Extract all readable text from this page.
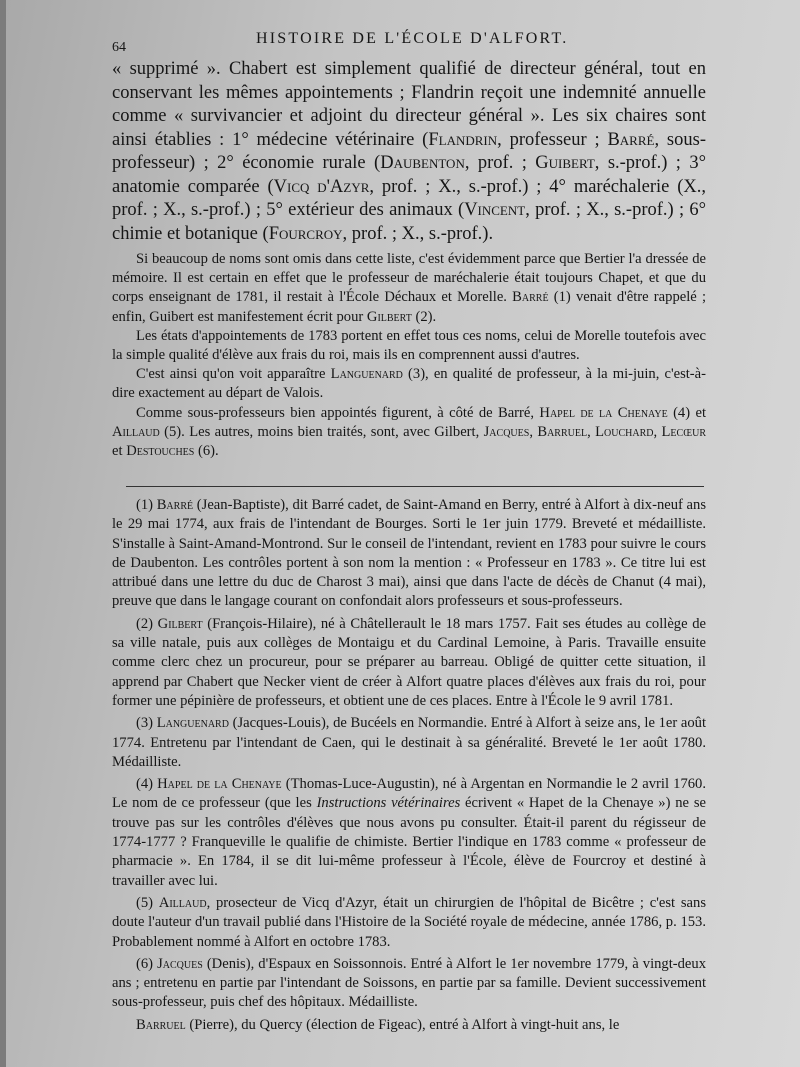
64
HISTOIRE DE L'ÉCOLE D'ALFORT.

« supprimé ». Chabert est simplement qualifié de directeur général, tout en conservant les mêmes appointements ; Flandrin reçoit une indemnité annuelle comme « survivancier et adjoint du directeur général ». Les six chaires sont ainsi établies : 1° médecine vétérinaire (Flandrin, professeur ; Barré, sous-professeur) ; 2° économie rurale (Daubenton, prof. ; Guibert, s.-prof.) ; 3° anatomie comparée (Vicq d'Azyr, prof. ; X., s.-prof.) ; 4° maréchalerie (X., prof. ; X., s.-prof.) ; 5° extérieur des animaux (Vincent, prof. ; X., s.-prof.) ; 6° chimie et botanique (Fourcroy, prof. ; X., s.-prof.).

Si beaucoup de noms sont omis dans cette liste, c'est évidemment parce que Bertier l'a dressée de mémoire. Il est certain en effet que le professeur de maréchalerie était toujours Chapet, et que du corps enseignant de 1781, il restait à l'École Déchaux et Morelle. Barré (1) venait d'être rappelé ; enfin, Guibert est manifestement écrit pour Gilbert (2).

Les états d'appointements de 1783 portent en effet tous ces noms, celui de Morelle toutefois avec la simple qualité d'élève aux frais du roi, mais ils en comprennent aussi d'autres.

C'est ainsi qu'on voit apparaître Languenard (3), en qualité de professeur, à la mi-juin, c'est-à-dire exactement au départ de Valois.

Comme sous-professeurs bien appointés figurent, à côté de Barré, Hapel de la Chenaye (4) et Aillaud (5). Les autres, moins bien traités, sont, avec Gilbert, Jacques, Barruel, Louchard, Lecœur et Destouches (6).

(1) Barré (Jean-Baptiste), dit Barré cadet, de Saint-Amand en Berry, entré à Alfort à dix-neuf ans le 29 mai 1774, aux frais de l'intendant de Bourges. Sorti le 1er juin 1779. Breveté et médailliste. S'installe à Saint-Amand-Montrond. Sur le conseil de l'intendant, revient en 1783 pour suivre le cours de Daubenton. Les contrôles portent à son nom la mention : « Professeur en 1783 ». Ce titre lui est attribué dans une lettre du duc de Charost 3 mai), ainsi que dans l'acte de décès de Chanut (4 mai), preuve que dans le langage courant on confondait alors professeurs et sous-professeurs.

(2) Gilbert (François-Hilaire), né à Châtellerault le 18 mars 1757. Fait ses études au collège de sa ville natale, puis aux collèges de Montaigu et du Cardinal Lemoine, à Paris. Travaille ensuite comme clerc chez un procureur, pour se préparer au barreau. Obligé de quitter cette situation, il apprend par Chabert que Necker vient de créer à Alfort quatre places d'élèves aux frais du roi, pour former une pépinière de professeurs, et obtient une de ces places. Entre à l'École le 9 avril 1781.

(3) Languenard (Jacques-Louis), de Bucéels en Normandie. Entré à Alfort à seize ans, le 1er août 1774. Entretenu par l'intendant de Caen, qui le destinait à sa généralité. Breveté le 1er août 1780. Médailliste.

(4) Hapel de la Chenaye (Thomas-Luce-Augustin), né à Argentan en Normandie le 2 avril 1760. Le nom de ce professeur (que les Instructions vétérinaires écrivent « Hapet de la Chenaye ») ne se trouve pas sur les contrôles d'élèves que nous avons pu consulter. Était-il parent du régisseur de 1774-1777 ? Franqueville le qualifie de chimiste. Bertier l'indique en 1783 comme « professeur de pharmacie ». En 1784, il se dit lui-même professeur à l'École, élève de Fourcroy et destiné à travailler avec lui.

(5) Aillaud, prosecteur de Vicq d'Azyr, était un chirurgien de l'hôpital de Bicêtre ; c'est sans doute l'auteur d'un travail publié dans l'Histoire de la Société royale de médecine, année 1786, p. 153. Probablement nommé à Alfort en octobre 1783.

(6) Jacques (Denis), d'Espaux en Soissonnois. Entré à Alfort le 1er novembre 1779, à vingt-deux ans ; entretenu en partie par l'intendant de Soissons, en partie par sa famille. Devient successivement sous-professeur, puis chef des hôpitaux. Médailliste.

Barruel (Pierre), du Quercy (élection de Figeac), entré à Alfort à vingt-huit ans, le
